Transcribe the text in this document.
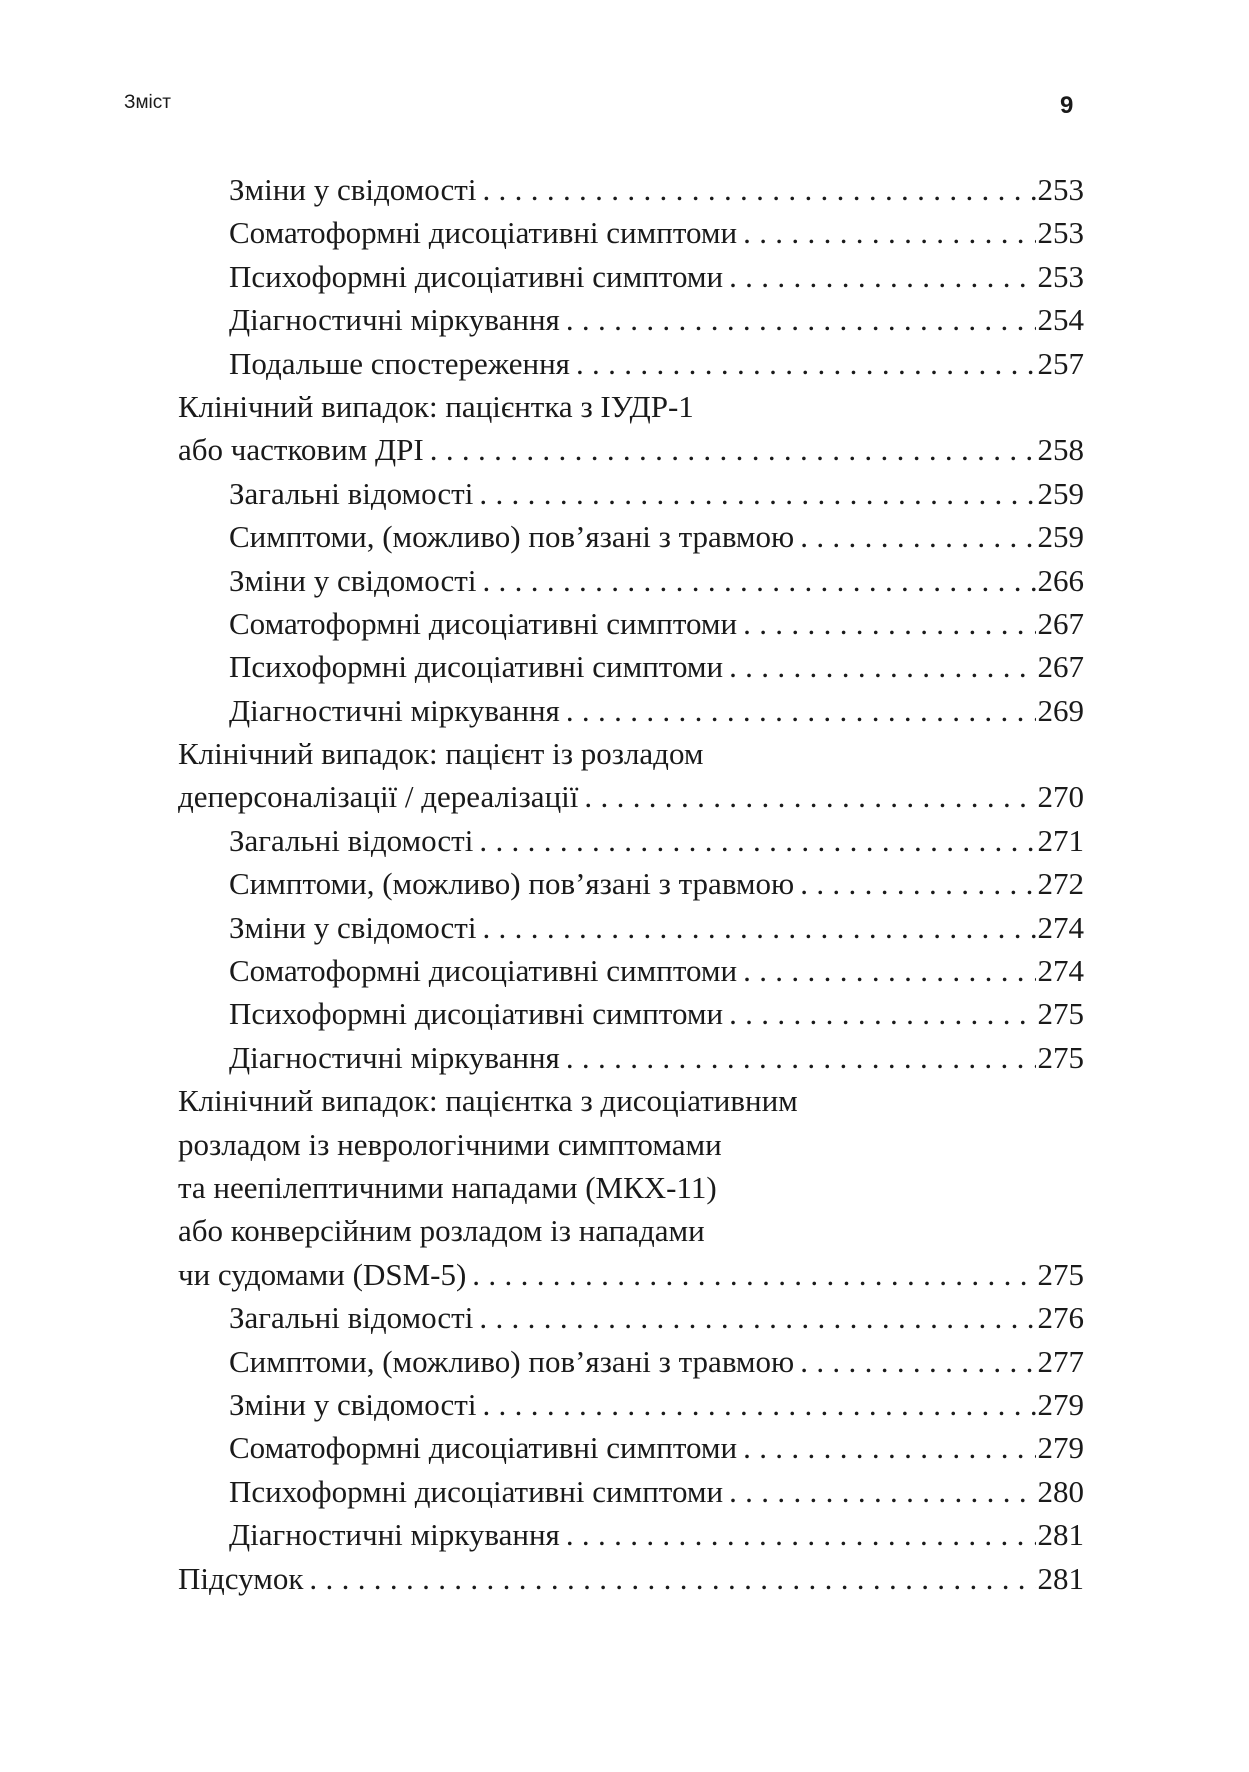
Зміст	9
Зміни у свідомості . . .	253
Соматоформні дисоціативні симптоми . . .	253
Психоформні дисоціативні симптоми . . .	253
Діагностичні міркування . . .	254
Подальше спостереження . . .	257
Клінічний випадок: пацієнтка з ІУДР-1
або частковим ДРІ . . .	258
Загальні відомості . . .	259
Симптоми, (можливо) пов’язані з травмою . . .	259
Зміни у свідомості . . .	266
Соматоформні дисоціативні симптоми . . .	267
Психоформні дисоціативні симптоми . . .	267
Діагностичні міркування . . .	269
Клінічний випадок: пацієнт із розладом
деперсоналізації / дереалізації . . .	270
Загальні відомості . . .	271
Симптоми, (можливо) пов’язані з травмою . . .	272
Зміни у свідомості . . .	274
Соматоформні дисоціативні симптоми . . .	274
Психоформні дисоціативні симптоми . . .	275
Діагностичні міркування . . .	275
Клінічний випадок: пацієнтка з дисоціативним
розладом із неврологічними симптомами
та неепілептичними нападами (МКХ-11)
або конверсійним розладом із нападами
чи судомами (DSM-5) . . .	275
Загальні відомості . . .	276
Симптоми, (можливо) пов’язані з травмою . . .	277
Зміни у свідомості . . .	279
Соматоформні дисоціативні симптоми . . .	279
Психоформні дисоціативні симптоми . . .	280
Діагностичні міркування . . .	281
Підсумок . . .	281
